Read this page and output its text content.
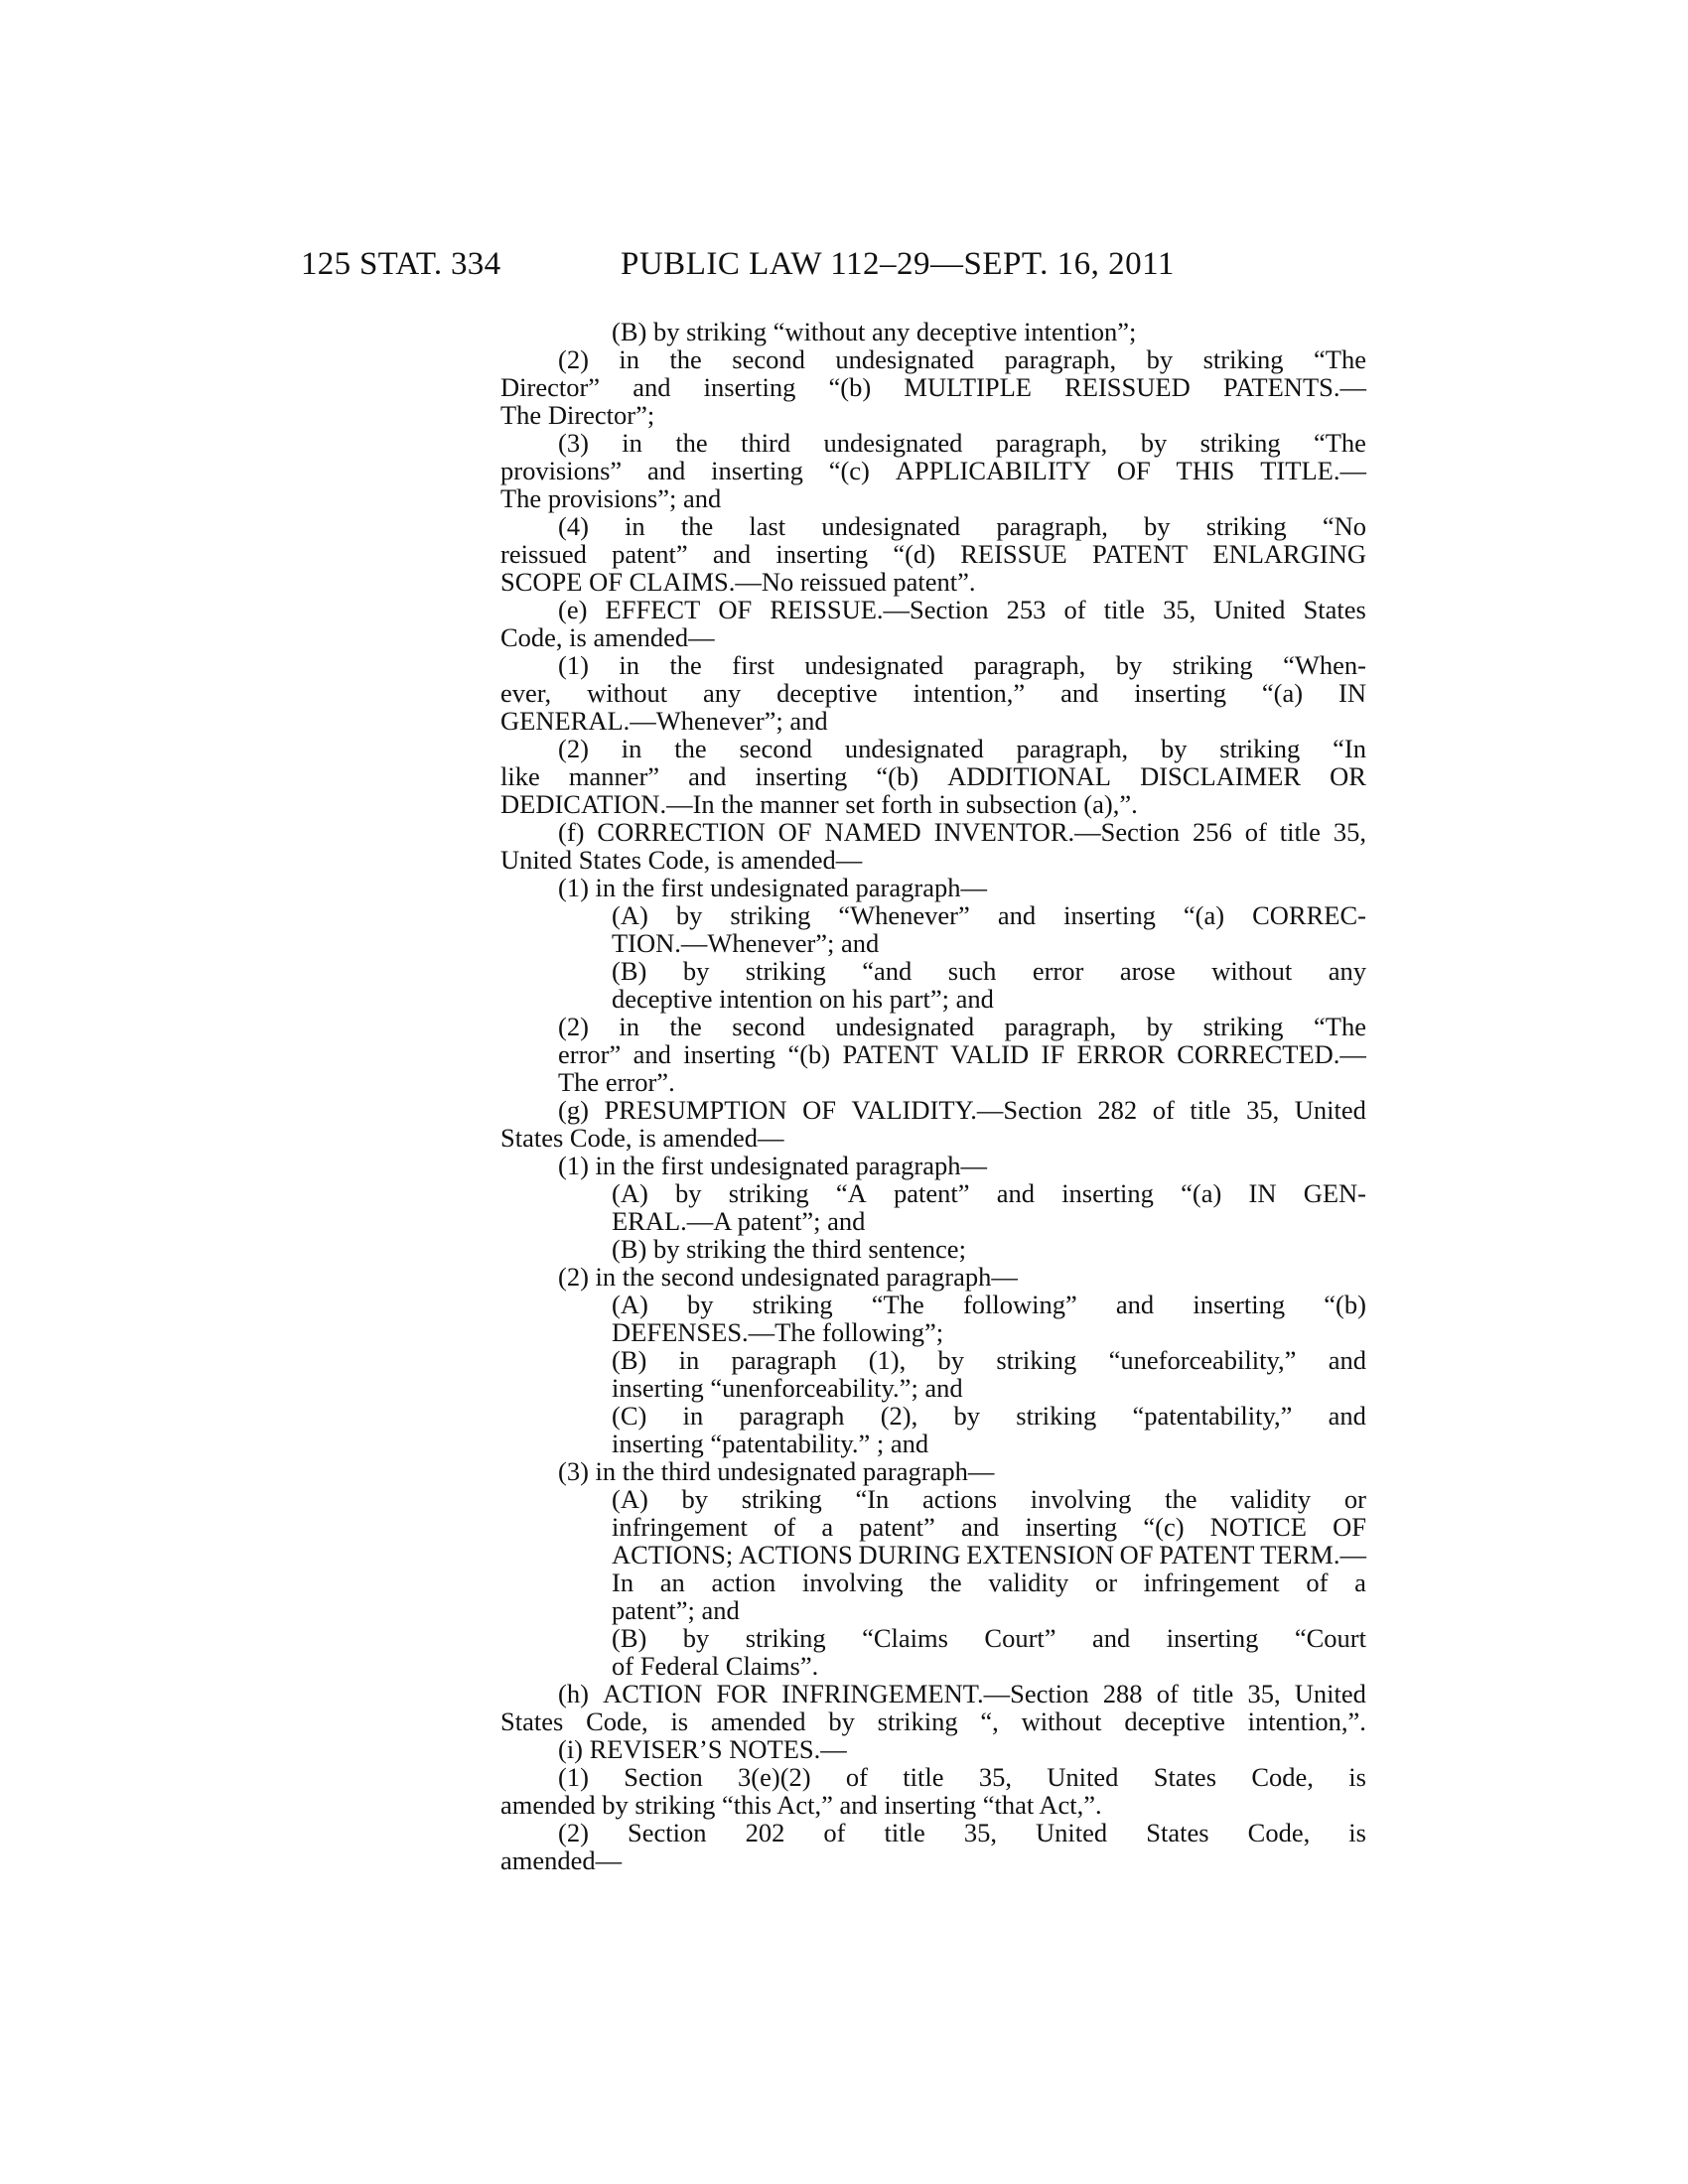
125 STAT. 334	PUBLIC LAW 112–29—SEPT. 16, 2011
(B) by striking “without any deceptive intention”;
(2) in the second undesignated paragraph, by striking “The
Director” and inserting “(b) MULTIPLE REISSUED PATENTS.—
The Director”;
(3) in the third undesignated paragraph, by striking “The
provisions” and inserting “(c) APPLICABILITY OF THIS TITLE.—
The provisions”; and
(4) in the last undesignated paragraph, by striking “No
reissued patent” and inserting “(d) REISSUE PATENT ENLARGING
SCOPE OF CLAIMS.—No reissued patent”.
(e) EFFECT OF REISSUE.—Section 253 of title 35, United States
Code, is amended—
(1) in the first undesignated paragraph, by striking “When-
ever, without any deceptive intention,” and inserting “(a) IN
GENERAL.—Whenever”; and
(2) in the second undesignated paragraph, by striking “In
like manner” and inserting “(b) ADDITIONAL DISCLAIMER OR
DEDICATION.—In the manner set forth in subsection (a),”.
(f) CORRECTION OF NAMED INVENTOR.—Section 256 of title 35,
United States Code, is amended—
(1) in the first undesignated paragraph—
(A) by striking “Whenever” and inserting “(a) CORREC-
TION.—Whenever”; and
(B) by striking “and such error arose without any
deceptive intention on his part”; and
(2) in the second undesignated paragraph, by striking “The
error” and inserting “(b) PATENT VALID IF ERROR CORRECTED.—
The error”.
(g) PRESUMPTION OF VALIDITY.—Section 282 of title 35, United
States Code, is amended—
(1) in the first undesignated paragraph—
(A) by striking “A patent” and inserting “(a) IN GEN-
ERAL.—A patent”; and
(B) by striking the third sentence;
(2) in the second undesignated paragraph—
(A) by striking “The following” and inserting “(b)
DEFENSES.—The following”;
(B) in paragraph (1), by striking “uneforceability,” and
inserting “unenforceability.”; and
(C) in paragraph (2), by striking “patentability,” and
inserting “patentability.” ; and
(3) in the third undesignated paragraph—
(A) by striking “In actions involving the validity or
infringement of a patent” and inserting “(c) NOTICE OF
ACTIONS; ACTIONS DURING EXTENSION OF PATENT TERM.—
In an action involving the validity or infringement of a
patent”; and
(B) by striking “Claims Court” and inserting “Court
of Federal Claims”.
(h) ACTION FOR INFRINGEMENT.—Section 288 of title 35, United
States Code, is amended by striking “, without deceptive intention,”.
(i) REVISER’S NOTES.—
(1) Section 3(e)(2) of title 35, United States Code, is
amended by striking “this Act,” and inserting “that Act,”.
(2) Section 202 of title 35, United States Code, is
amended—
